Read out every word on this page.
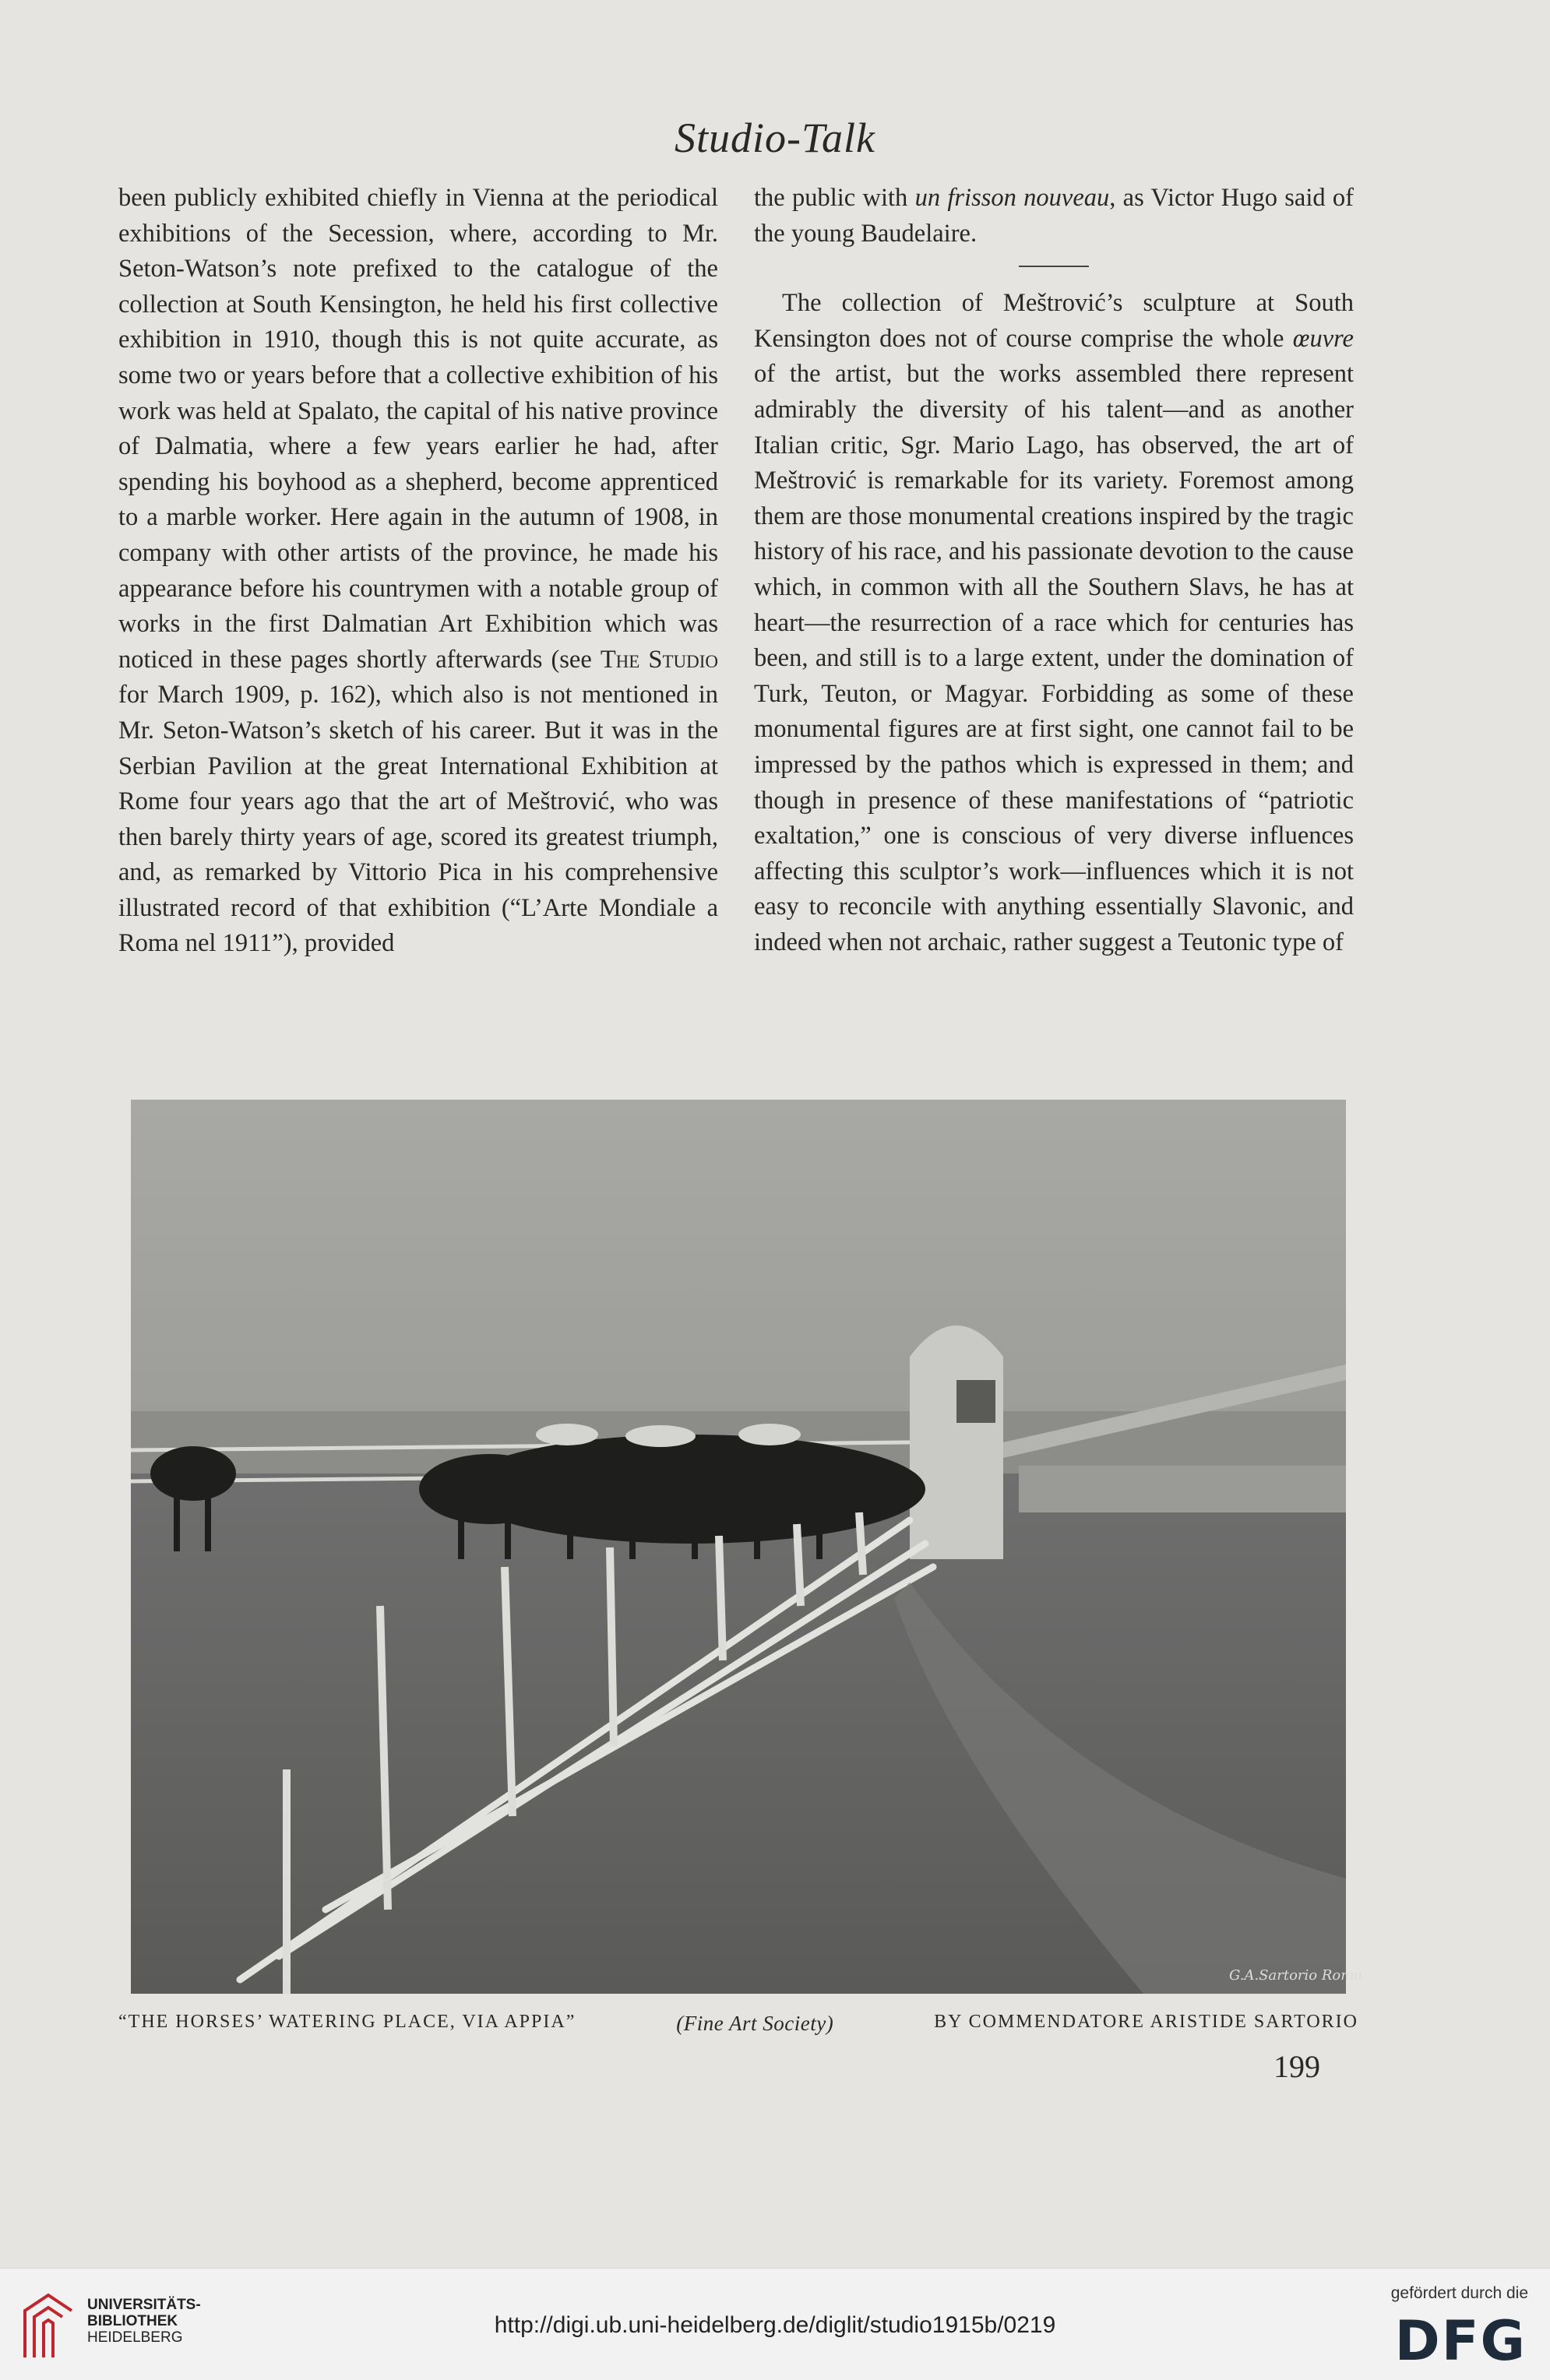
Studio-Talk

been publicly exhibited chiefly in Vienna at the periodical exhibitions of the Secession, where, according to Mr. Seton-Watson’s note prefixed to the catalogue of the collection at South Kensington, he held his first collective exhibition in 1910, though this is not quite accurate, as some two or years before that a collective exhibition of his work was held at Spalato, the capital of his native province of Dalmatia, where a few years earlier he had, after spending his boyhood as a shepherd, become apprenticed to a marble worker. Here again in the autumn of 1908, in company with other artists of the province, he made his appearance before his countrymen with a notable group of works in the first Dalmatian Art Exhibition which was noticed in these pages shortly afterwards (see The Studio for March 1909, p. 162), which also is not mentioned in Mr. Seton-Watson’s sketch of his career. But it was in the Serbian Pavilion at the great International Exhibition at Rome four years ago that the art of Meštrović, who was then barely thirty years of age, scored its greatest triumph, and, as remarked by Vittorio Pica in his comprehensive illustrated record of that exhibition (“L’Arte Mondiale a Roma nel 1911”), provided

the public with un frisson nouveau, as Victor Hugo said of the young Baudelaire.

The collection of Meštrović’s sculpture at South Kensington does not of course comprise the whole œuvre of the artist, but the works assembled there represent admirably the diversity of his talent—and as another Italian critic, Sgr. Mario Lago, has observed, the art of Meštrović is remarkable for its variety. Foremost among them are those monumental creations inspired by the tragic history of his race, and his passionate devotion to the cause which, in common with all the Southern Slavs, he has at heart—the resurrection of a race which for centuries has been, and still is to a large extent, under the domination of Turk, Teuton, or Magyar. Forbidding as some of these monumental figures are at first sight, one cannot fail to be impressed by the pathos which is expressed in them; and though in presence of these manifestations of “patriotic exaltation,” one is conscious of very diverse influences affecting this sculptor’s work—influences which it is not easy to reconcile with anything essentially Slavonic, and indeed when not archaic, rather suggest a Teutonic type of

G.A.Sartorio Roma
“THE HORSES’ WATERING PLACE, VIA APPIA”	(Fine Art Society)	BY COMMENDATORE ARISTIDE SARTORIO
199
UNIVERSITÄTS-
BIBLIOTHEK
HEIDELBERG	http://digi.ub.uni-heidelberg.de/diglit/studio1915b/0219
gefördert durch die
DFG
